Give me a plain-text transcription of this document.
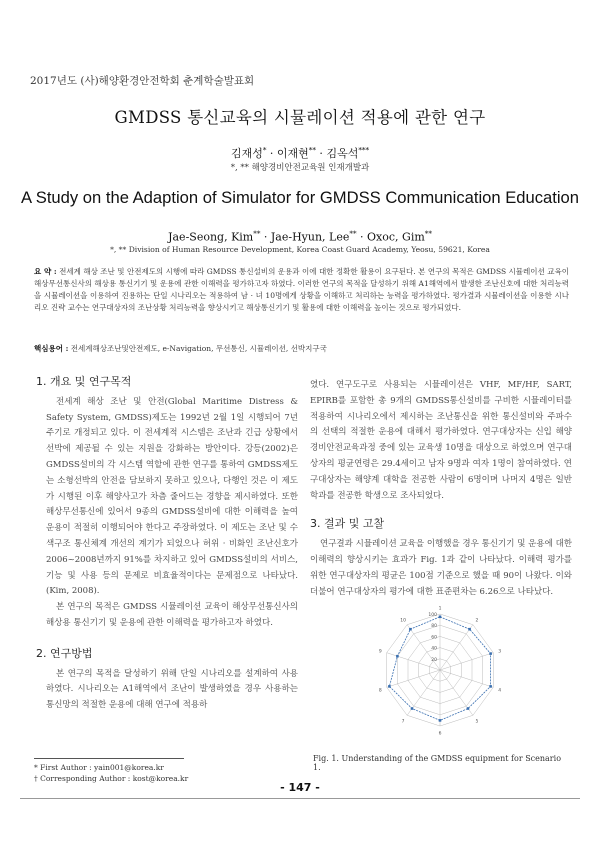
2017년도 (사)해양환경안전학회 춘계학술발표회
GMDSS 통신교육의 시뮬레이션 적용에 관한 연구
김재성* · 이재현** · 김옥석***
*, ** 해양경비안전교육원 인재개발과
A Study on the Adaption of Simulator for GMDSS Communication Education
Jae-Seong, Kim** · Jae-Hyun, Lee** · Oxoc, Gim**
*, ** Division of Human Resource Development, Korea Coast Guard Academy, Yeosu, 59621, Korea
요 약 : 전세계 해상 조난 및 안전제도의 시행에 따라 GMDSS 통신설비의 운용과 이에 대한 정확한 활용이 요구된다. 본 연구의 목적은 GMDSS 시뮬레이션 교육이 해상무선통신사의 해상용 통신기기 및 운용에 관한 이해력을 평가하고자 하였다. 이러한 연구의 목적을 달성하기 위해 A1해역에서 발생한 조난신호에 대한 처리능력을 시뮬레이션을 이용하여 진용하는 단일 시나리오는 적용하여 남 · 녀 10명에게 상황을 이해하고 처리하는 능력을 평가하였다. 평가결과 시뮬레이션을 이용한 시나리오 진략 교수는 연구대상자의 조난상황 처리능력을 향상시키고 해상통신기기 및 활용에 대한 이해력을 높이는 것으로 평가되었다.
핵심용어 : 전세계해상조난및안전제도, e-Navigation, 무선통신, 시뮬레이션, 선박지구국
1. 개요 및 연구목적

전세계 해상 조난 및 안전(Global Maritime Distress & Safety System, GMDSS)제도는 1992년 2월 1일 시행되어 7년 주기로 개정되고 있다. 이 전세계적 시스템은 조난과 긴급 상황에서 선박에 제공될 수 있는 지원을 강화하는 방안이다. 강등(2002)은 GMDSS설비의 각 시스템 역할에 관한 연구를 통하여 GMDSS제도는 소형선박의 안전을 담보하지 못하고 있으나, 다행인 것은 이 제도가 시행된 이후 해양사고가 차츰 줄어드는 경향을 제시하였다. 또한 해상무선통신에 있어서 9종의 GMDSS설비에 대한 이해력을 높여 운용이 적절히 이행되어야 한다고 주장하였다. 이 제도는 조난 및 수색구조 통신체계 개선의 계기가 되었으나 허위 · 비화인 조난신호가 2006~2008년까지 91%를 차지하고 있어 GMDSS설비의 서비스, 기능 및 사용 등의 문제로 비효율적이다는 문제점으로 나타났다.(Kim, 2008).

본 연구의 목적은 GMDSS 시뮬레이션 교육이 해상무선통신사의 해상용 통신기기 및 운용에 관한 이해력을 평가하고자 하였다.

2. 연구방법

본 연구의 목적을 달성하기 위해 단일 시나리오를 설계하여 사용하였다. 시나리오는 A1해역에서 조난이 발생하였을 경우 사용하는 통신망의 적절한 운용에 대해 연구에 적용하

였다. 연구도구로 사용되는 시뮬레이션은 VHF, MF/HF, SART, EPIRB를 포함한 총 9개의 GMDSS통신설비를 구비한 시뮬레이터를 적용하여 시나리오에서 제시하는 조난통신을 위한 통신설비와 주파수의 선택의 적절한 운용에 대해서 평가하였다. 연구대상자는 신입 해양경비안전교육과정 중에 있는 교육생 10명을 대상으로 하였으며 연구대상자의 평균연령은 29.4세이고 남자 9명과 여자 1명이 참여하였다. 연구대상자는 해양계 대학을 전공한 사람이 6명이며 나머지 4명은 일반학과를 전공한 학생으로 조사되었다.

3. 결과 및 고찰

연구결과 시뮬레이션 교육을 이행했을 경우 통신기기 및 운용에 대한 이해력의 향상시키는 효과가 Fig. 1과 같이 나타났다. 이해력 평가를 위한 연구대상자의 평균은 100점 기준으로 했을 때 90이 나왔다. 이와 더불어 연구대상자의 평가에 대한 표준편차는 6.26으로 나타났다.

20
40
60
80
100
1
2
3
4
5
6
7
8
9
10
Fig. 1. Understanding of the GMDSS equipment for Scenario 1.
* First Author : yain001@korea.kr
† Corresponding Author : kost@korea.kr
- 147 -
